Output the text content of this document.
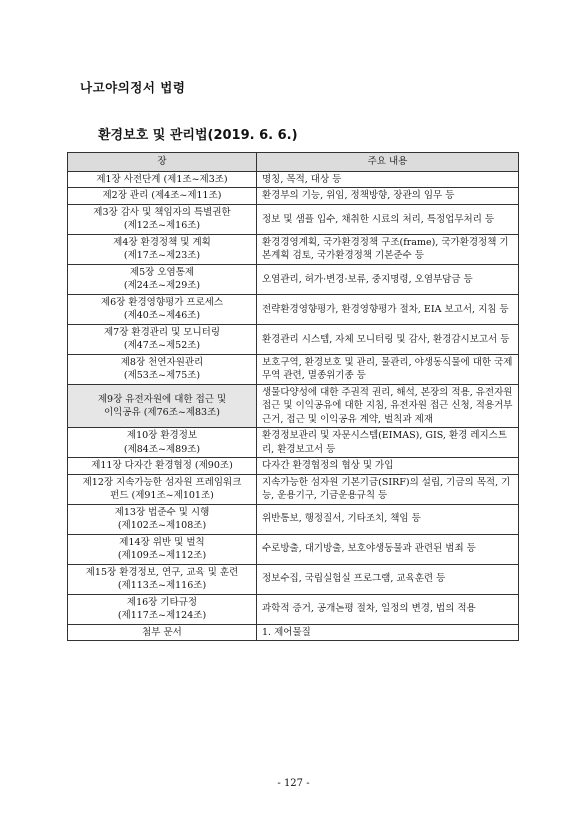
나고야의정서 법령
환경보호 및 관리법(2019. 6. 6.)
장	주요 내용

제1장 사전단계 (제1조~제3조)	명칭, 목적, 대상 등

제2장 관리 (제4조~제11조)	환경부의 기능, 위임, 정책방향, 장관의 임무 등

제3장 감사 및 책임자의 특별권한
(제12조~제16조)	정보 및 샘플 입수, 채취한 시료의 처리, 특정업무처리 등

제4장 환경정책 및 계획
(제17조~제23조)	환경경영계획, 국가환경정책 구조(frame), 국가환경정책 기본계획 검토, 국가환경정책 기본준수 등

제5장 오염통제
(제24조~제29조)	오염관리, 허가·변경·보류, 중지명령, 오염부담금 등

제6장 환경영향평가 프로세스
(제40조~제46조)	전략환경영향평가, 환경영향평가 절차, EIA 보고서, 지침 등

제7장 환경관리 및 모니터링
(제47조~제52조)	환경관리 시스템, 자체 모니터링 및 감사, 환경감시보고서 등

제8장 천연자원관리
(제53조~제75조)	보호구역, 환경보호 및 관리, 물관리, 야생동식물에 대한 국제무역 관련, 멸종위기종 등

제9장 유전자원에 대한 접근 및
이익공유 (제76조~제83조)	생물다양성에 대한 주권적 권리, 해석, 본장의 적용, 유전자원 접근 및 이익공유에 대한 지침, 유전자원 접근 신청, 적용거부 근거, 접근 및 이익공유 계약, 벌칙과 제재

제10장 환경정보
(제84조~제89조)	환경정보관리 및 자문시스템(EIMAS), GIS, 환경 레지스트리, 환경보고서 등

제11장 다자간 환경협정 (제90조)	다자간 환경협정의 협상 및 가입

제12장 지속가능한 섬자원 프레임워크
펀드 (제91조~제101조)	지속가능한 섬자원 기본기금(SIRF)의 설립, 기금의 목적, 기능, 운용기구, 기금운용규칙 등

제13장 법준수 및 시행
(제102조~제108조)	위반통보, 행정질서, 기타조치, 책임 등

제14장 위반 및 벌칙
(제109조~제112조)	수로방출, 대기방출, 보호야생동물과 관련된 범죄 등

제15장 환경정보, 연구, 교육 및 훈련
(제113조~제116조)	정보수집, 국립실험실 프로그램, 교육훈련 등

제16장 기타규정
(제117조~제124조)	과학적 증거, 공개논평 절차, 일정의 변경, 법의 적용

첨부 문서	1. 제어물질
- 127 -
